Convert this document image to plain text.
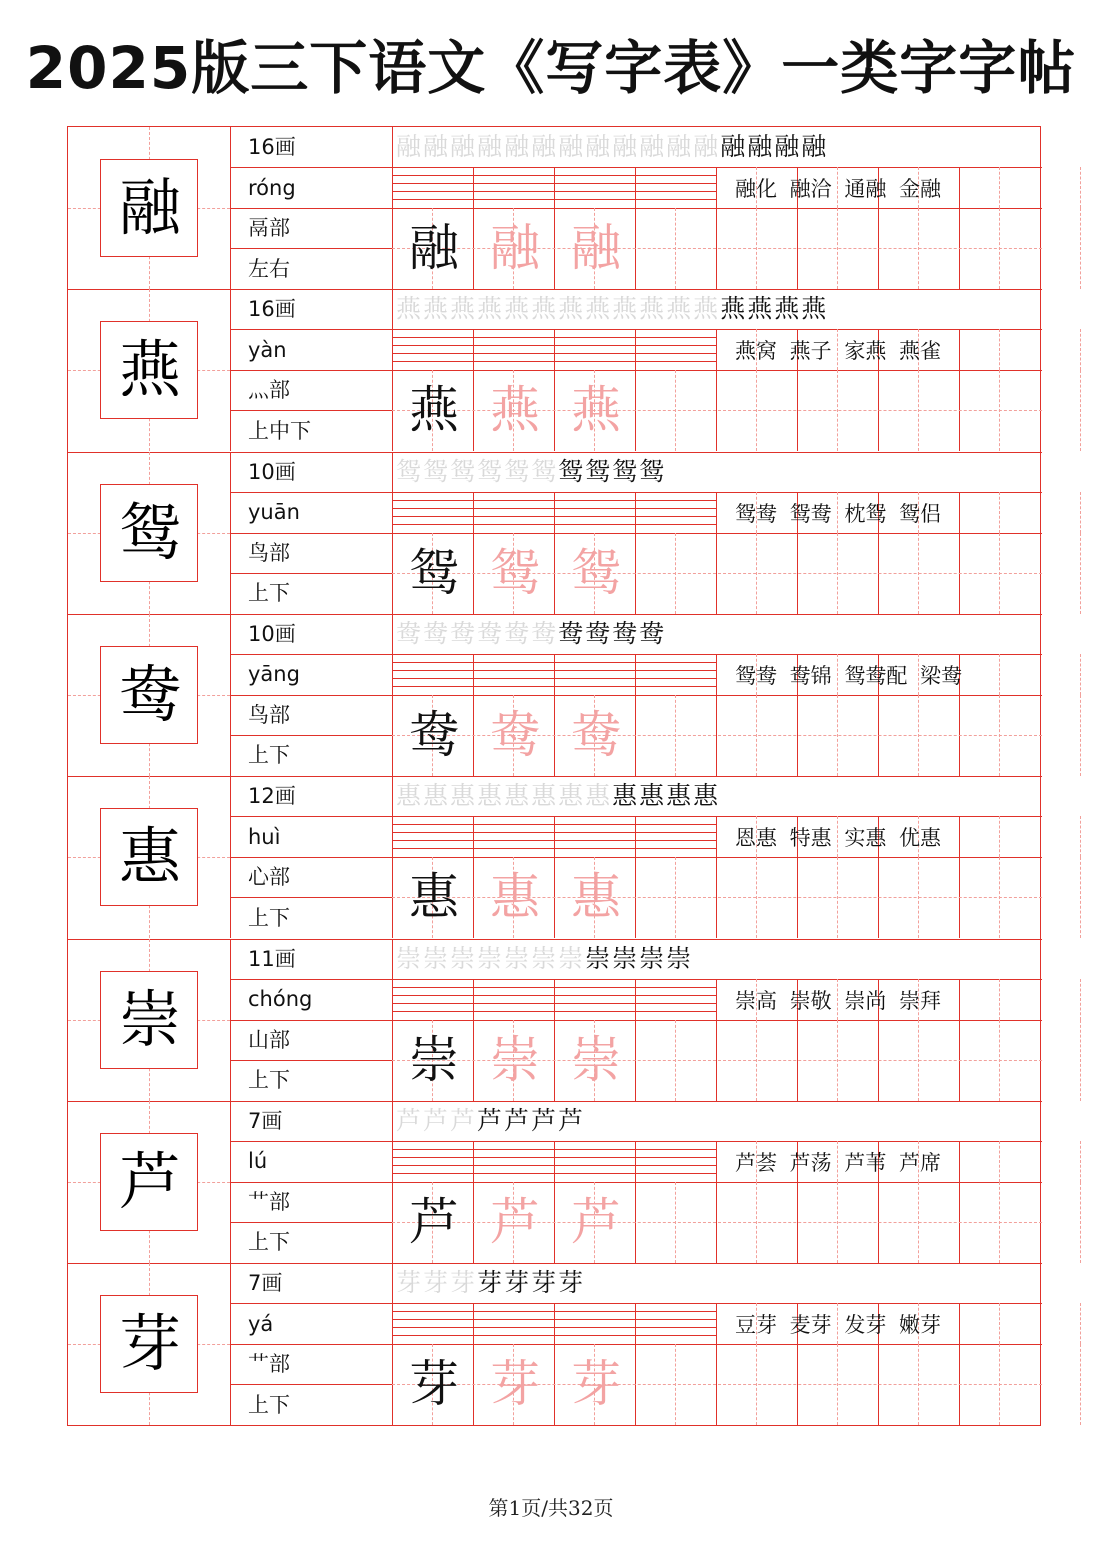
2025版三下语文《写字表》一类字字帖
融
16画
róng
鬲部
左右
融融融融融融融融融融融融融融融融
融化 融洽 通融 金融
融 融 融
燕
16画
yàn
灬部
上中下
燕燕燕燕燕燕燕燕燕燕燕燕燕燕燕燕
燕窝 燕子 家燕 燕雀
燕 燕 燕
鸳
10画
yuān
鸟部
上下
鸳鸳鸳鸳鸳鸳鸳鸳鸳鸳
鸳鸯 鸳鸯 枕鸳 鸳侣
鸳 鸳 鸳
鸯
10画
yāng
鸟部
上下
鸯鸯鸯鸯鸯鸯鸯鸯鸯鸯
鸳鸯 鸯锦 鸳鸯配 梁鸯
鸯 鸯 鸯
惠
12画
huì
心部
上下
惠惠惠惠惠惠惠惠惠惠惠惠
恩惠 特惠 实惠 优惠
惠 惠 惠
崇
11画
chóng
山部
上下
崇崇崇崇崇崇崇崇崇崇崇
崇高 崇敬 崇尚 崇拜
崇 崇 崇
芦
7画
lú
艹部
上下
芦芦芦芦芦芦芦
芦荟 芦荡 芦苇 芦席
芦 芦 芦
芽
7画
yá
艹部
上下
芽芽芽芽芽芽芽
豆芽 麦芽 发芽 嫩芽
芽 芽 芽
第1页/共32页
